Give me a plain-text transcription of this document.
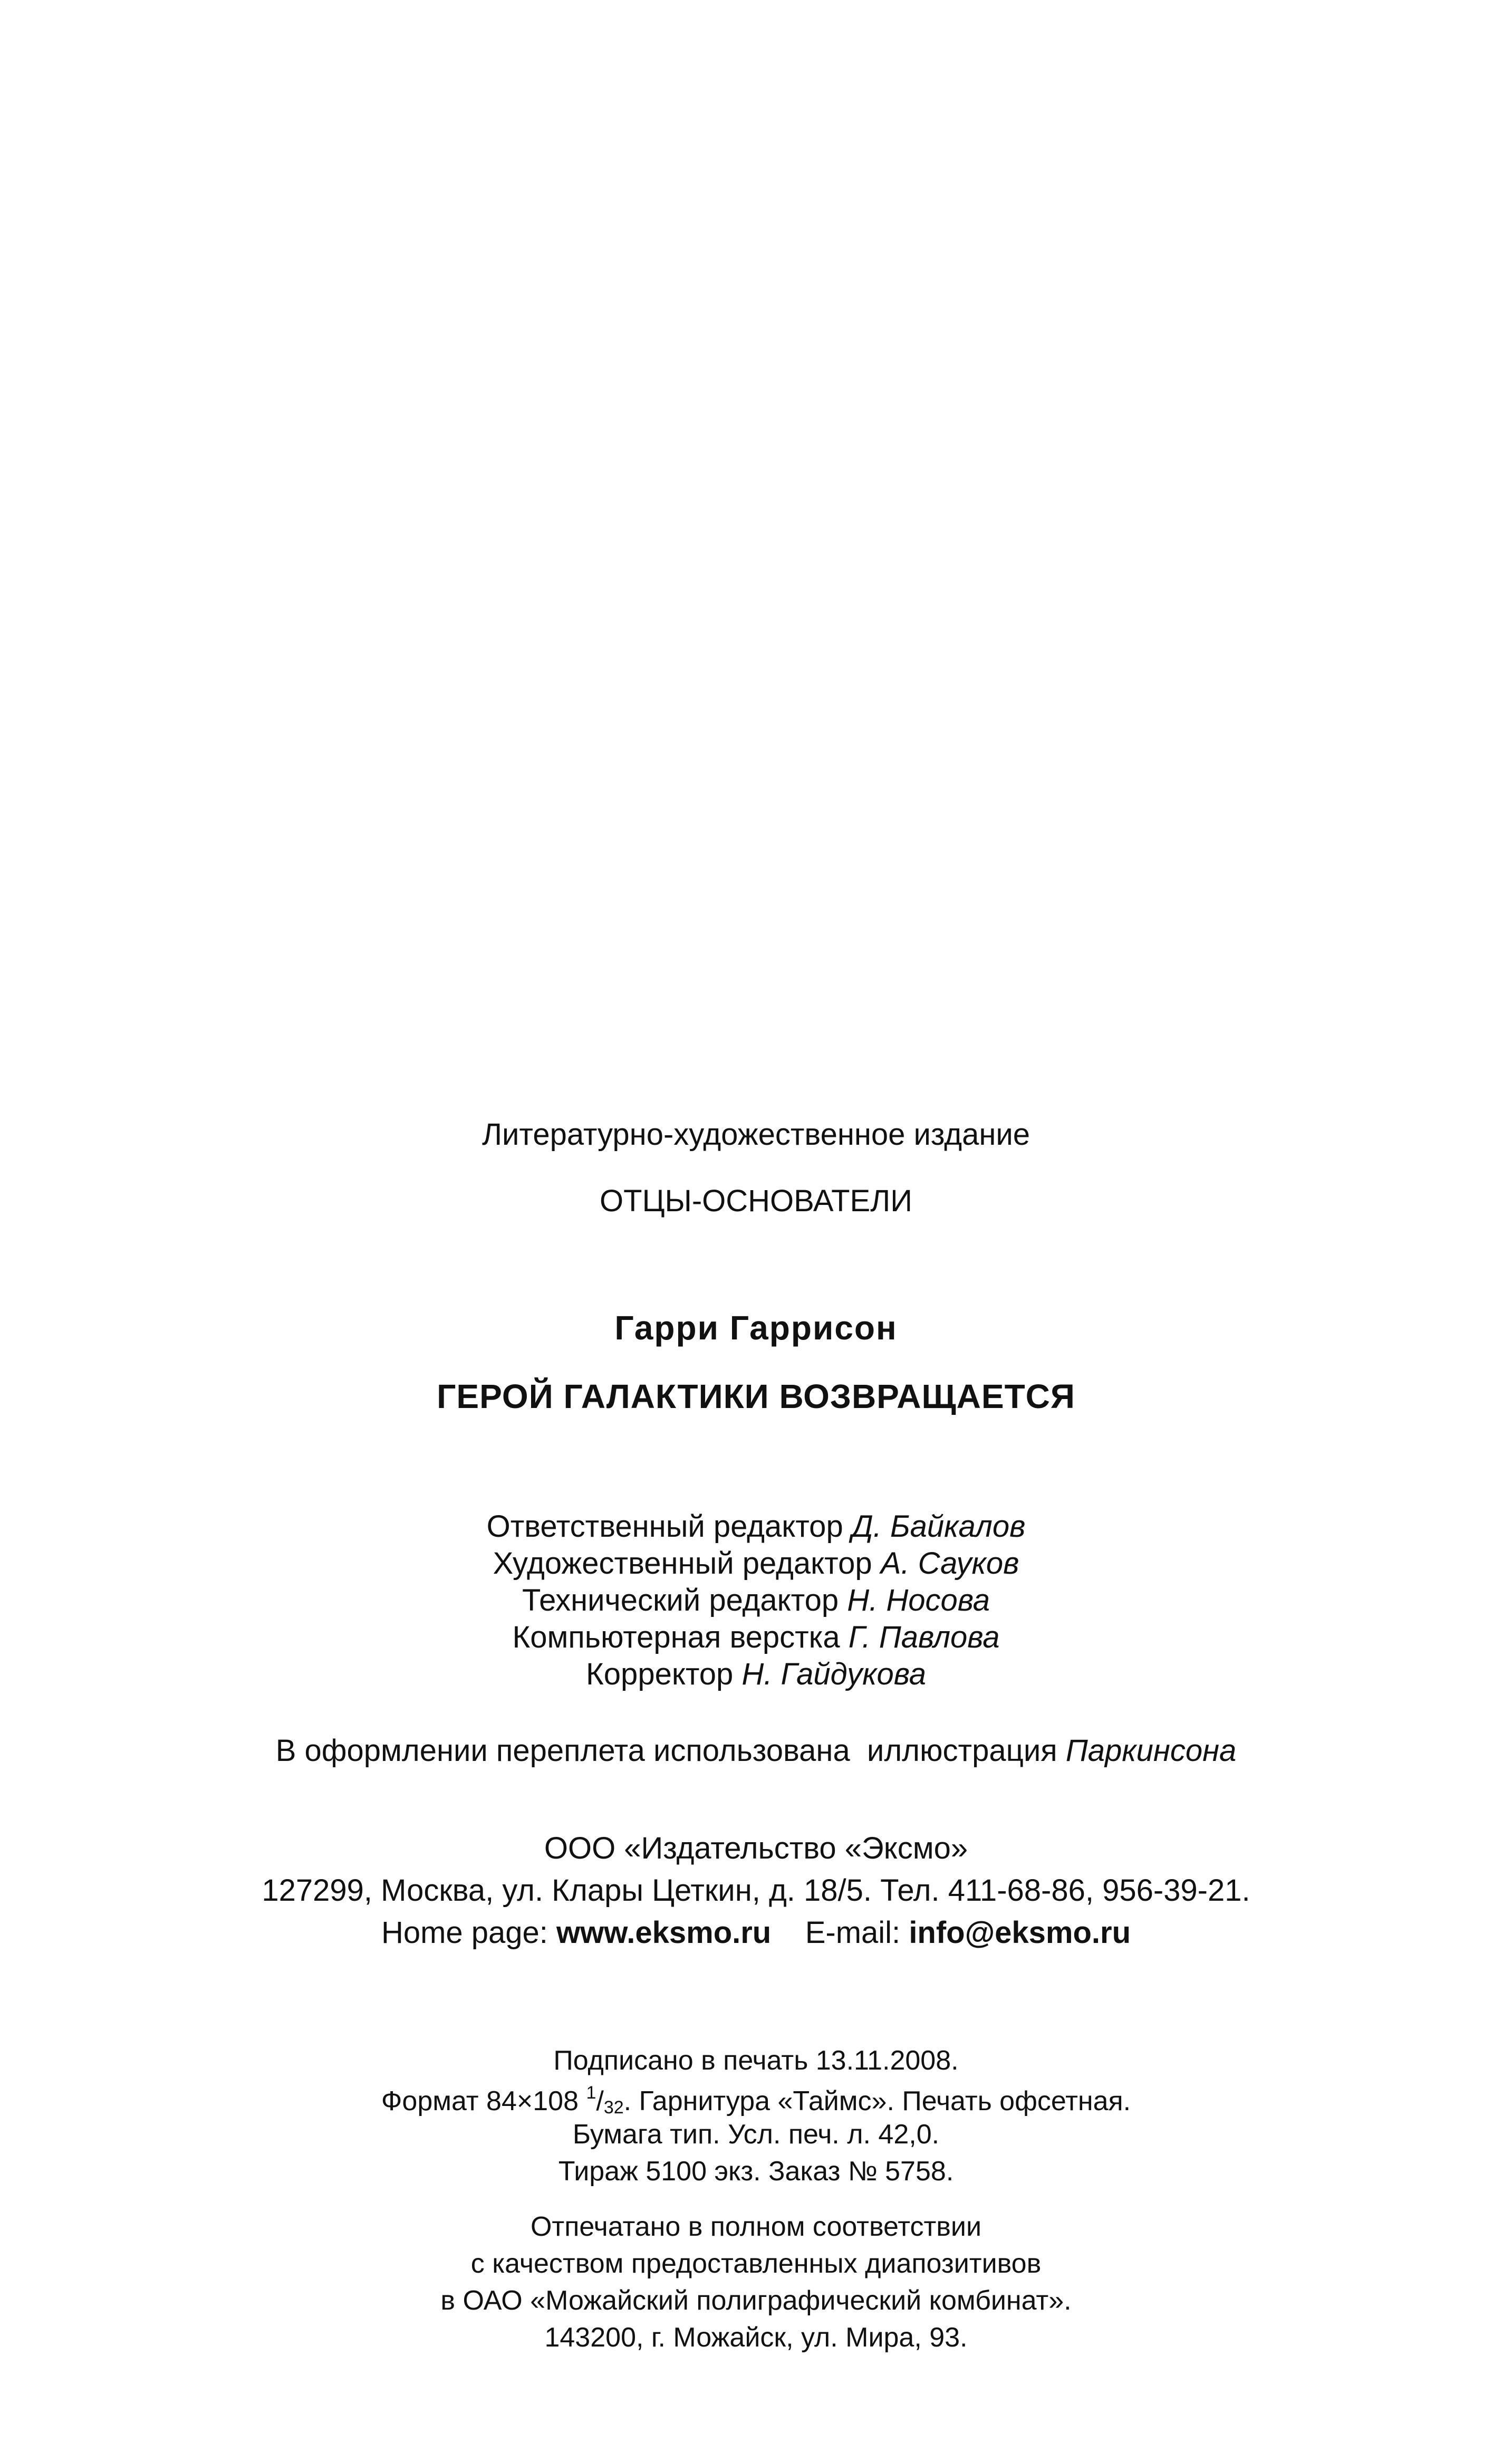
Литературно-художественное издание
ОТЦЫ-ОСНОВАТЕЛИ
Гарри Гаррисон
ГЕРОЙ ГАЛАКТИКИ ВОЗВРАЩАЕТСЯ
Ответственный редактор Д. Байкалов
Художественный редактор А. Сауков
Технический редактор Н. Носова
Компьютерная верстка Г. Павлова
Корректор Н. Гайдукова
В оформлении переплета использована  иллюстрация Паркинсона
ООО «Издательство «Эксмо»
127299, Москва, ул. Клары Цеткин, д. 18/5. Тел. 411-68-86, 956-39-21.
Home page: www.eksmo.ru E-mail: info@eksmo.ru
Подписано в печать 13.11.2008.
Формат 84×108 $^1/_{32}$. Гарнитура «Таймс». Печать офсетная.
Бумага тип. Усл. печ. л. 42,0.
Тираж 5100 экз. Заказ № 5758.
Отпечатано в полном соответствии
с качеством предоставленных диапозитивов
в ОАО «Можайский полиграфический комбинат».
143200, г. Можайск, ул. Мира, 93.
